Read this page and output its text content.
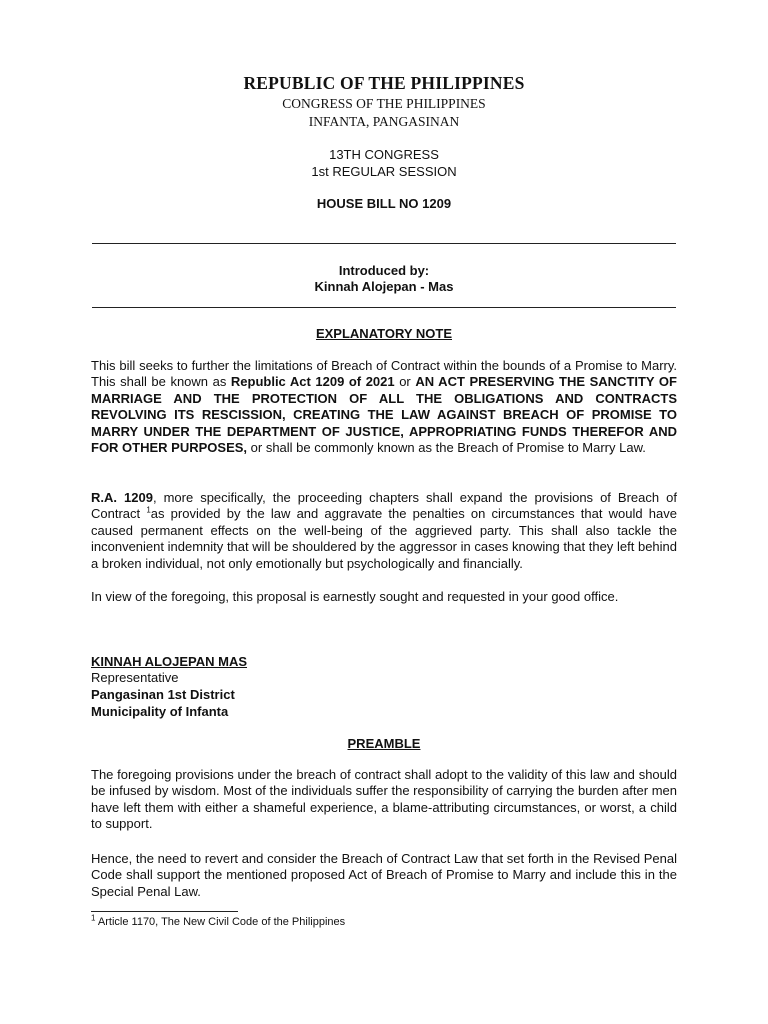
REPUBLIC OF THE PHILIPPINES
CONGRESS OF THE PHILIPPINES
INFANTA, PANGASINAN
13TH CONGRESS
1st REGULAR SESSION
HOUSE BILL NO 1209
Introduced by:
Kinnah Alojepan - Mas
EXPLANATORY NOTE

This bill seeks to further the limitations of Breach of Contract within the bounds of a Promise to Marry. This shall be known as Republic Act 1209 of 2021 or AN ACT PRESERVING THE SANCTITY OF MARRIAGE AND THE PROTECTION OF ALL THE OBLIGATIONS AND CONTRACTS REVOLVING ITS RESCISSION, CREATING THE LAW AGAINST BREACH OF PROMISE TO MARRY UNDER THE DEPARTMENT OF JUSTICE, APPROPRIATING FUNDS THEREFOR AND FOR OTHER PURPOSES, or shall be commonly known as the Breach of Promise to Marry Law.

R.A. 1209, more specifically, the proceeding chapters shall expand the provisions of Breach of Contract $^1$as provided by the law and aggravate the penalties on circumstances that would have caused permanent effects on the well-being of the aggrieved party. This shall also tackle the inconvenient indemnity that will be shouldered by the aggressor in cases knowing that they left behind a broken individual, not only emotionally but psychologically and financially.

In view of the foregoing, this proposal is earnestly sought and requested in your good office.

KINNAH ALOJEPAN MAS
Representative
Pangasinan 1st District
Municipality of Infanta
PREAMBLE

The foregoing provisions under the breach of contract shall adopt to the validity of this law and should be infused by wisdom. Most of the individuals suffer the responsibility of carrying the burden after men have left them with either a shameful experience, a blame-attributing circumstances, or worst, a child to support.

Hence, the need to revert and consider the Breach of Contract Law that set forth in the Revised Penal Code shall support the mentioned proposed Act of Breach of Promise to Marry and include this in the Special Penal Law.

$^1$ Article 1170, The New Civil Code of the Philippines
